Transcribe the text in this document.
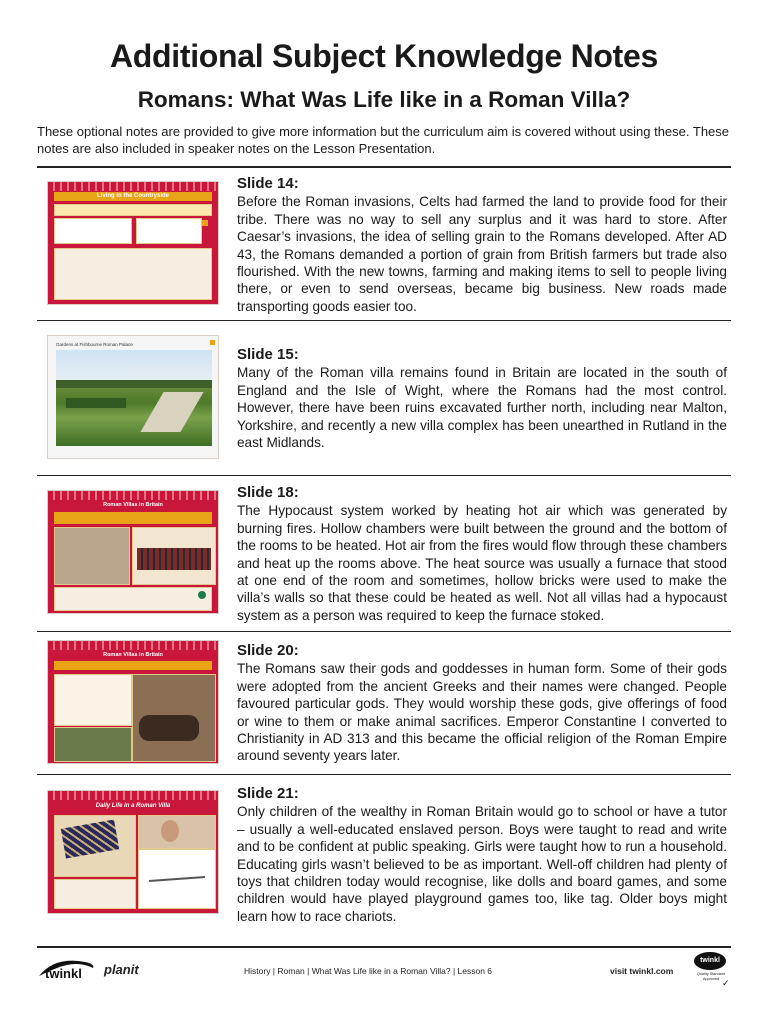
Additional Subject Knowledge Notes
Romans: What Was Life like in a Roman Villa?
These optional notes are provided to give more information but the curriculum aim is covered without using these. These notes are also included in speaker notes on the Lesson Presentation.
Living in the Countryside
Slide 14:
Before the Roman invasions, Celts had farmed the land to provide food for their tribe. There was no way to sell any surplus and it was hard to store. After Caesar’s invasions, the idea of selling grain to the Romans developed. After AD 43, the Romans demanded a portion of grain from British farmers but trade also flourished. With the new towns, farming and making items to sell to people living there, or even to send overseas, became big business. New roads made transporting goods easier too.
Gardens at Fishbourne Roman Palace
Slide 15:
Many of the Roman villa remains found in Britain are located in the south of England and the Isle of Wight, where the Romans had the most control. However, there have been ruins excavated further north, including near Malton, Yorkshire, and recently a new villa complex has been unearthed in Rutland in the east Midlands.
Roman Villas in Britain
Slide 18:
The Hypocaust system worked by heating hot air which was generated by burning fires. Hollow chambers were built between the ground and the bottom of the rooms to be heated. Hot air from the fires would flow through these chambers and heat up the rooms above. The heat source was usually a furnace that stood at one end of the room and sometimes, hollow bricks were used to make the villa’s walls so that these could be heated as well. Not all villas had a hypocaust system as a person was required to keep the furnace stoked.
Roman Villas in Britain	Slide 20:
The Romans saw their gods and goddesses in human form. Some of their gods were adopted from the ancient Greeks and their names were changed. People favoured particular gods. They would worship these gods, give offerings of food or wine to them or make animal sacrifices. Emperor Constantine I converted to Christianity in AD 313 and this became the official religion of the Roman Empire around seventy years later.
Daily Life in a Roman Villa
Slide 21:
Only children of the wealthy in Roman Britain would go to school or have a tutor – usually a well-educated enslaved person. Boys were taught to read and write and to be confident at public speaking. Girls were taught how to run a household. Educating girls wasn’t believed to be as important. Well-off children had plenty of toys that children today would recognise, like dolls and board games, and some children would have played playground games too, like tag. Older boys might learn how to race chariots.
twinkl planit	History | Roman | What Was Life like in a Roman Villa? | Lesson 6	visit twinkl.com
twinkl
Quality Standard Approved ✓
